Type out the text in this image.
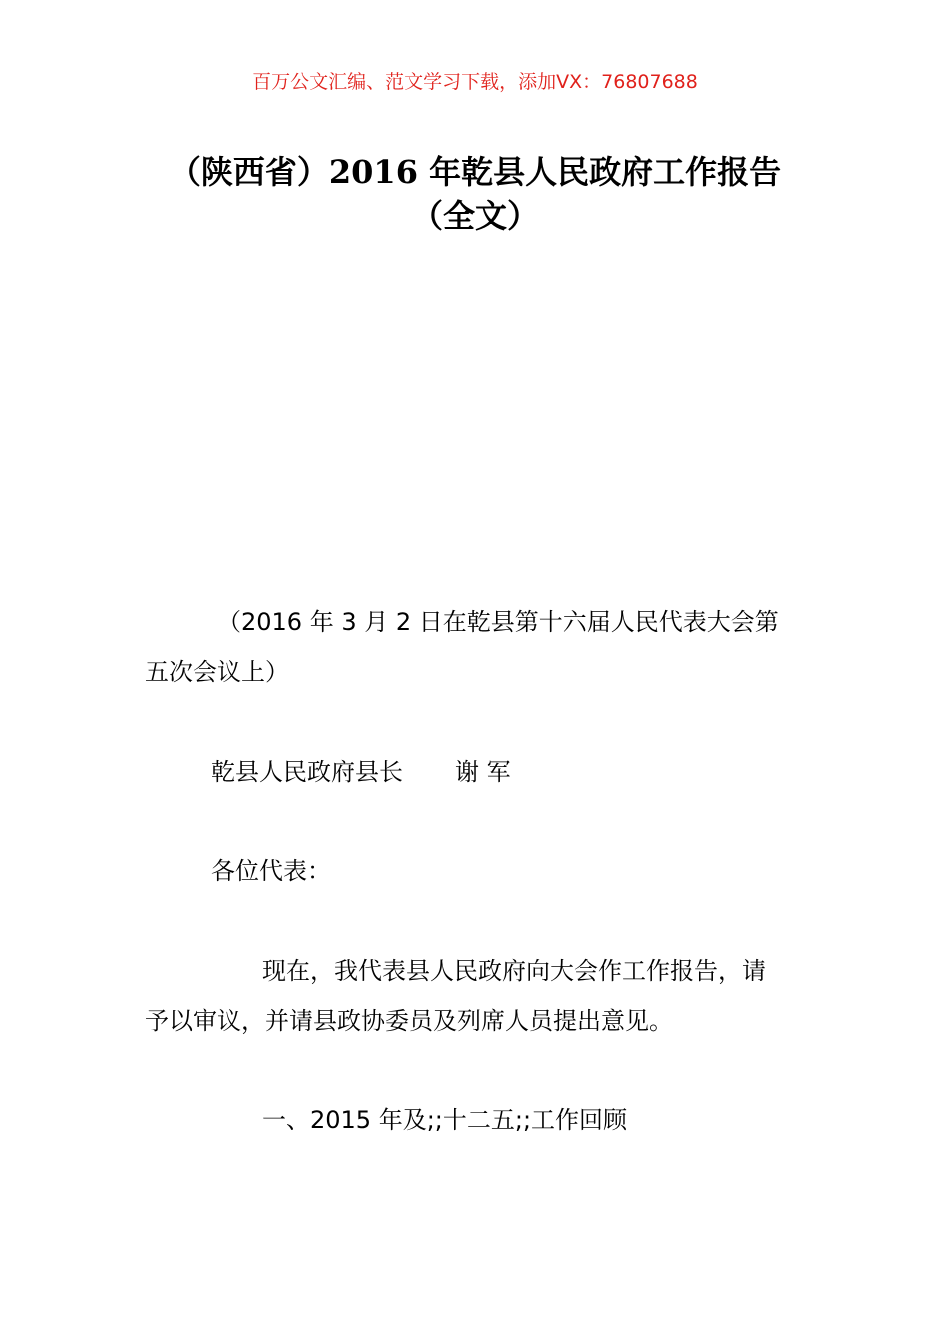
百万公文汇编、范文学习下载，添加VX：76807688
（陕西省）2016 年乾县人民政府工作报告
（全文）
（2016 年 3 月 2 日在乾县第十六届人民代表大会第
五次会议上）
乾县人民政府县长 谢 军
各位代表：
现在，我代表县人民政府向大会作工作报告，请
予以审议，并请县政协委员及列席人员提出意见。
一、2015 年及;;十二五;;工作回顾
